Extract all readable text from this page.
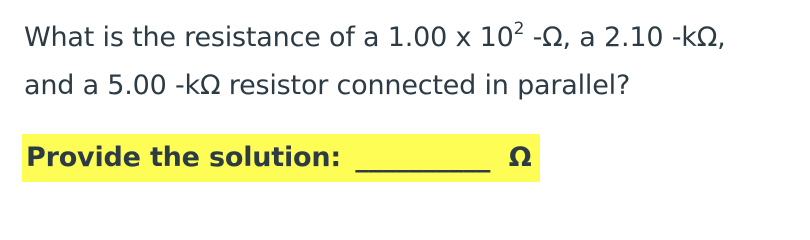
What is the resistance of a 1.00 x $10^2$ -Ω, a 2.10 -kΩ,
and a 5.00 -kΩ resistor connected in parallel?
Provide the solution: __________ Ω
